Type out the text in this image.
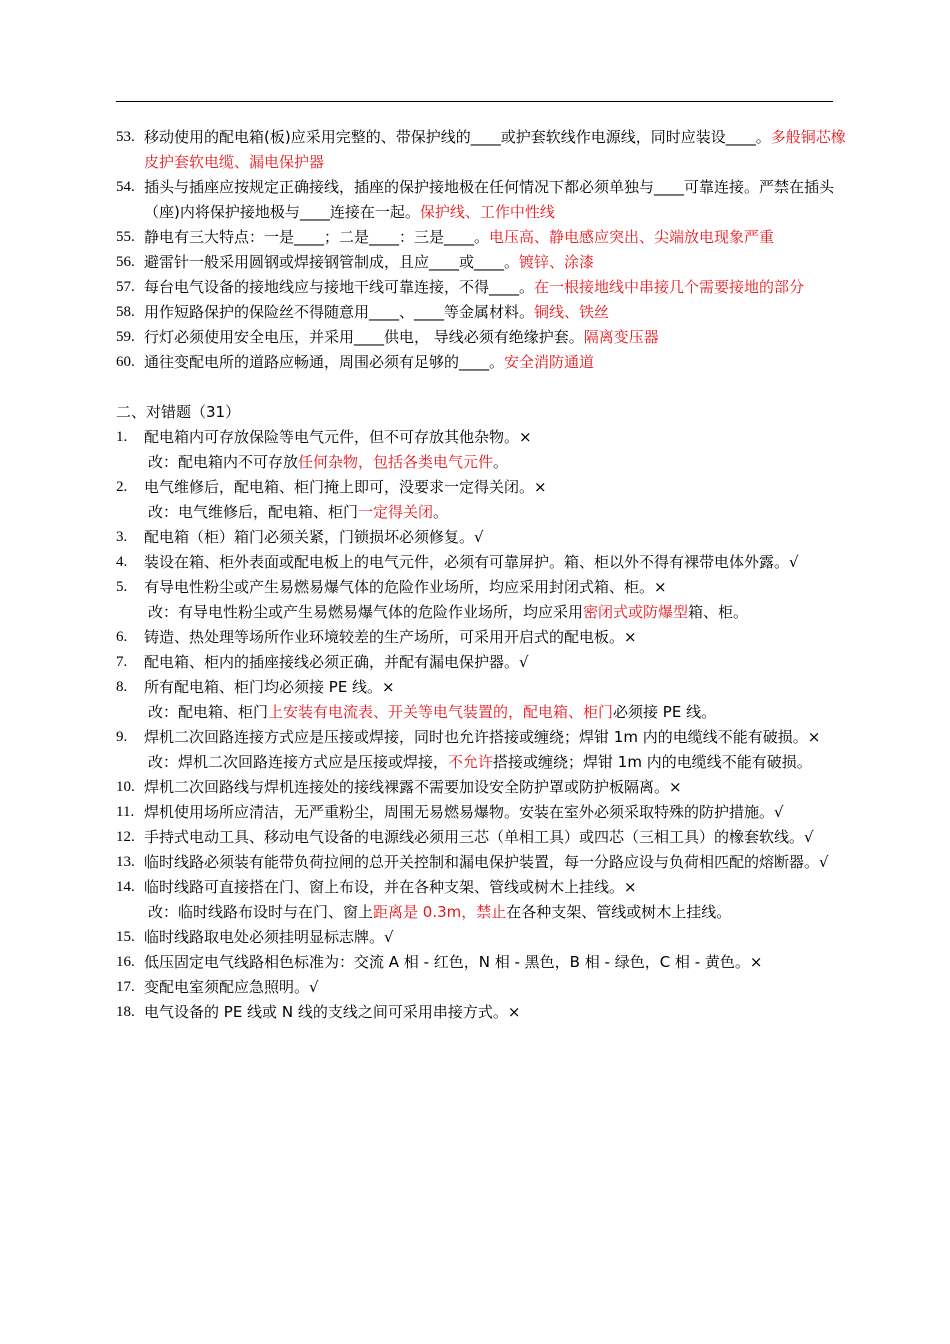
53. 移动使用的配电箱(板)应采用完整的、带保护线的____或护套软线作电源线，同时应装设____。多般铜芯橡皮护套软电缆、漏电保护器
54. 插头与插座应按规定正确接线，插座的保护接地极在任何情况下都必须单独与____可靠连接。严禁在插头（座)内将保护接地极与____连接在一起。保护线、工作中性线
55. 静电有三大特点：一是____；二是____：三是____。电压高、静电感应突出、尖端放电现象严重
56. 避雷针一般采用圆钢或焊接钢管制成，且应____或____。镀锌、涂漆
57. 每台电气设备的接地线应与接地干线可靠连接，不得____。在一根接地线中串接几个需要接地的部分
58. 用作短路保护的保险丝不得随意用____、____等金属材料。铜线、铁丝
59. 行灯必须使用安全电压，并采用____供电， 导线必须有绝缘护套。隔离变压器
60. 通往变配电所的道路应畅通，周围必须有足够的____。安全消防通道
二、对错题（31）
1.	配电箱内可存放保险等电气元件，但不可存放其他杂物。×
改：配电箱内不可存放任何杂物，包括各类电气元件。
2.	电气维修后，配电箱、柜门掩上即可，没要求一定得关闭。×
改：电气维修后，配电箱、柜门一定得关闭。
3.	配电箱（柜）箱门必须关紧，门锁损坏必须修复。√
4.	装设在箱、柜外表面或配电板上的电气元件，必须有可靠屏护。箱、柜以外不得有裸带电体外露。√
5.	有导电性粉尘或产生易燃易爆气体的危险作业场所，均应采用封闭式箱、柜。×
改：有导电性粉尘或产生易燃易爆气体的危险作业场所，均应采用密闭式或防爆型箱、柜。
6.	铸造、热处理等场所作业环境较差的生产场所，可采用开启式的配电板。×
7.	配电箱、柜内的插座接线必须正确，并配有漏电保护器。√
8.	所有配电箱、柜门均必须接 PE 线。×
改：配电箱、柜门上安装有电流表、开关等电气装置的，配电箱、柜门必须接 PE 线。
9.	焊机二次回路连接方式应是压接或焊接，同时也允许搭接或缠绕；焊钳 1m 内的电缆线不能有破损。×
改：焊机二次回路连接方式应是压接或焊接，不允许搭接或缠绕；焊钳 1m 内的电缆线不能有破损。
10. 焊机二次回路线与焊机连接处的接线裸露不需要加设安全防护罩或防护板隔离。×
11. 焊机使用场所应清洁，无严重粉尘，周围无易燃易爆物。安装在室外必须采取特殊的防护措施。√
12. 手持式电动工具、移动电气设备的电源线必须用三芯（单相工具）或四芯（三相工具）的橡套软线。√
13. 临时线路必须装有能带负荷拉闸的总开关控制和漏电保护装置，每一分路应设与负荷相匹配的熔断器。√
14. 临时线路可直接搭在门、窗上布设，并在各种支架、管线或树木上挂线。×
改：临时线路布设时与在门、窗上距离是 0.3m，禁止在各种支架、管线或树木上挂线。
15. 临时线路取电处必须挂明显标志牌。√
16. 低压固定电气线路相色标准为：交流 A 相 - 红色，N 相 - 黑色，B 相 - 绿色，C 相 - 黄色。×
17. 变配电室须配应急照明。√
18. 电气设备的 PE 线或 N 线的支线之间可采用串接方式。×
